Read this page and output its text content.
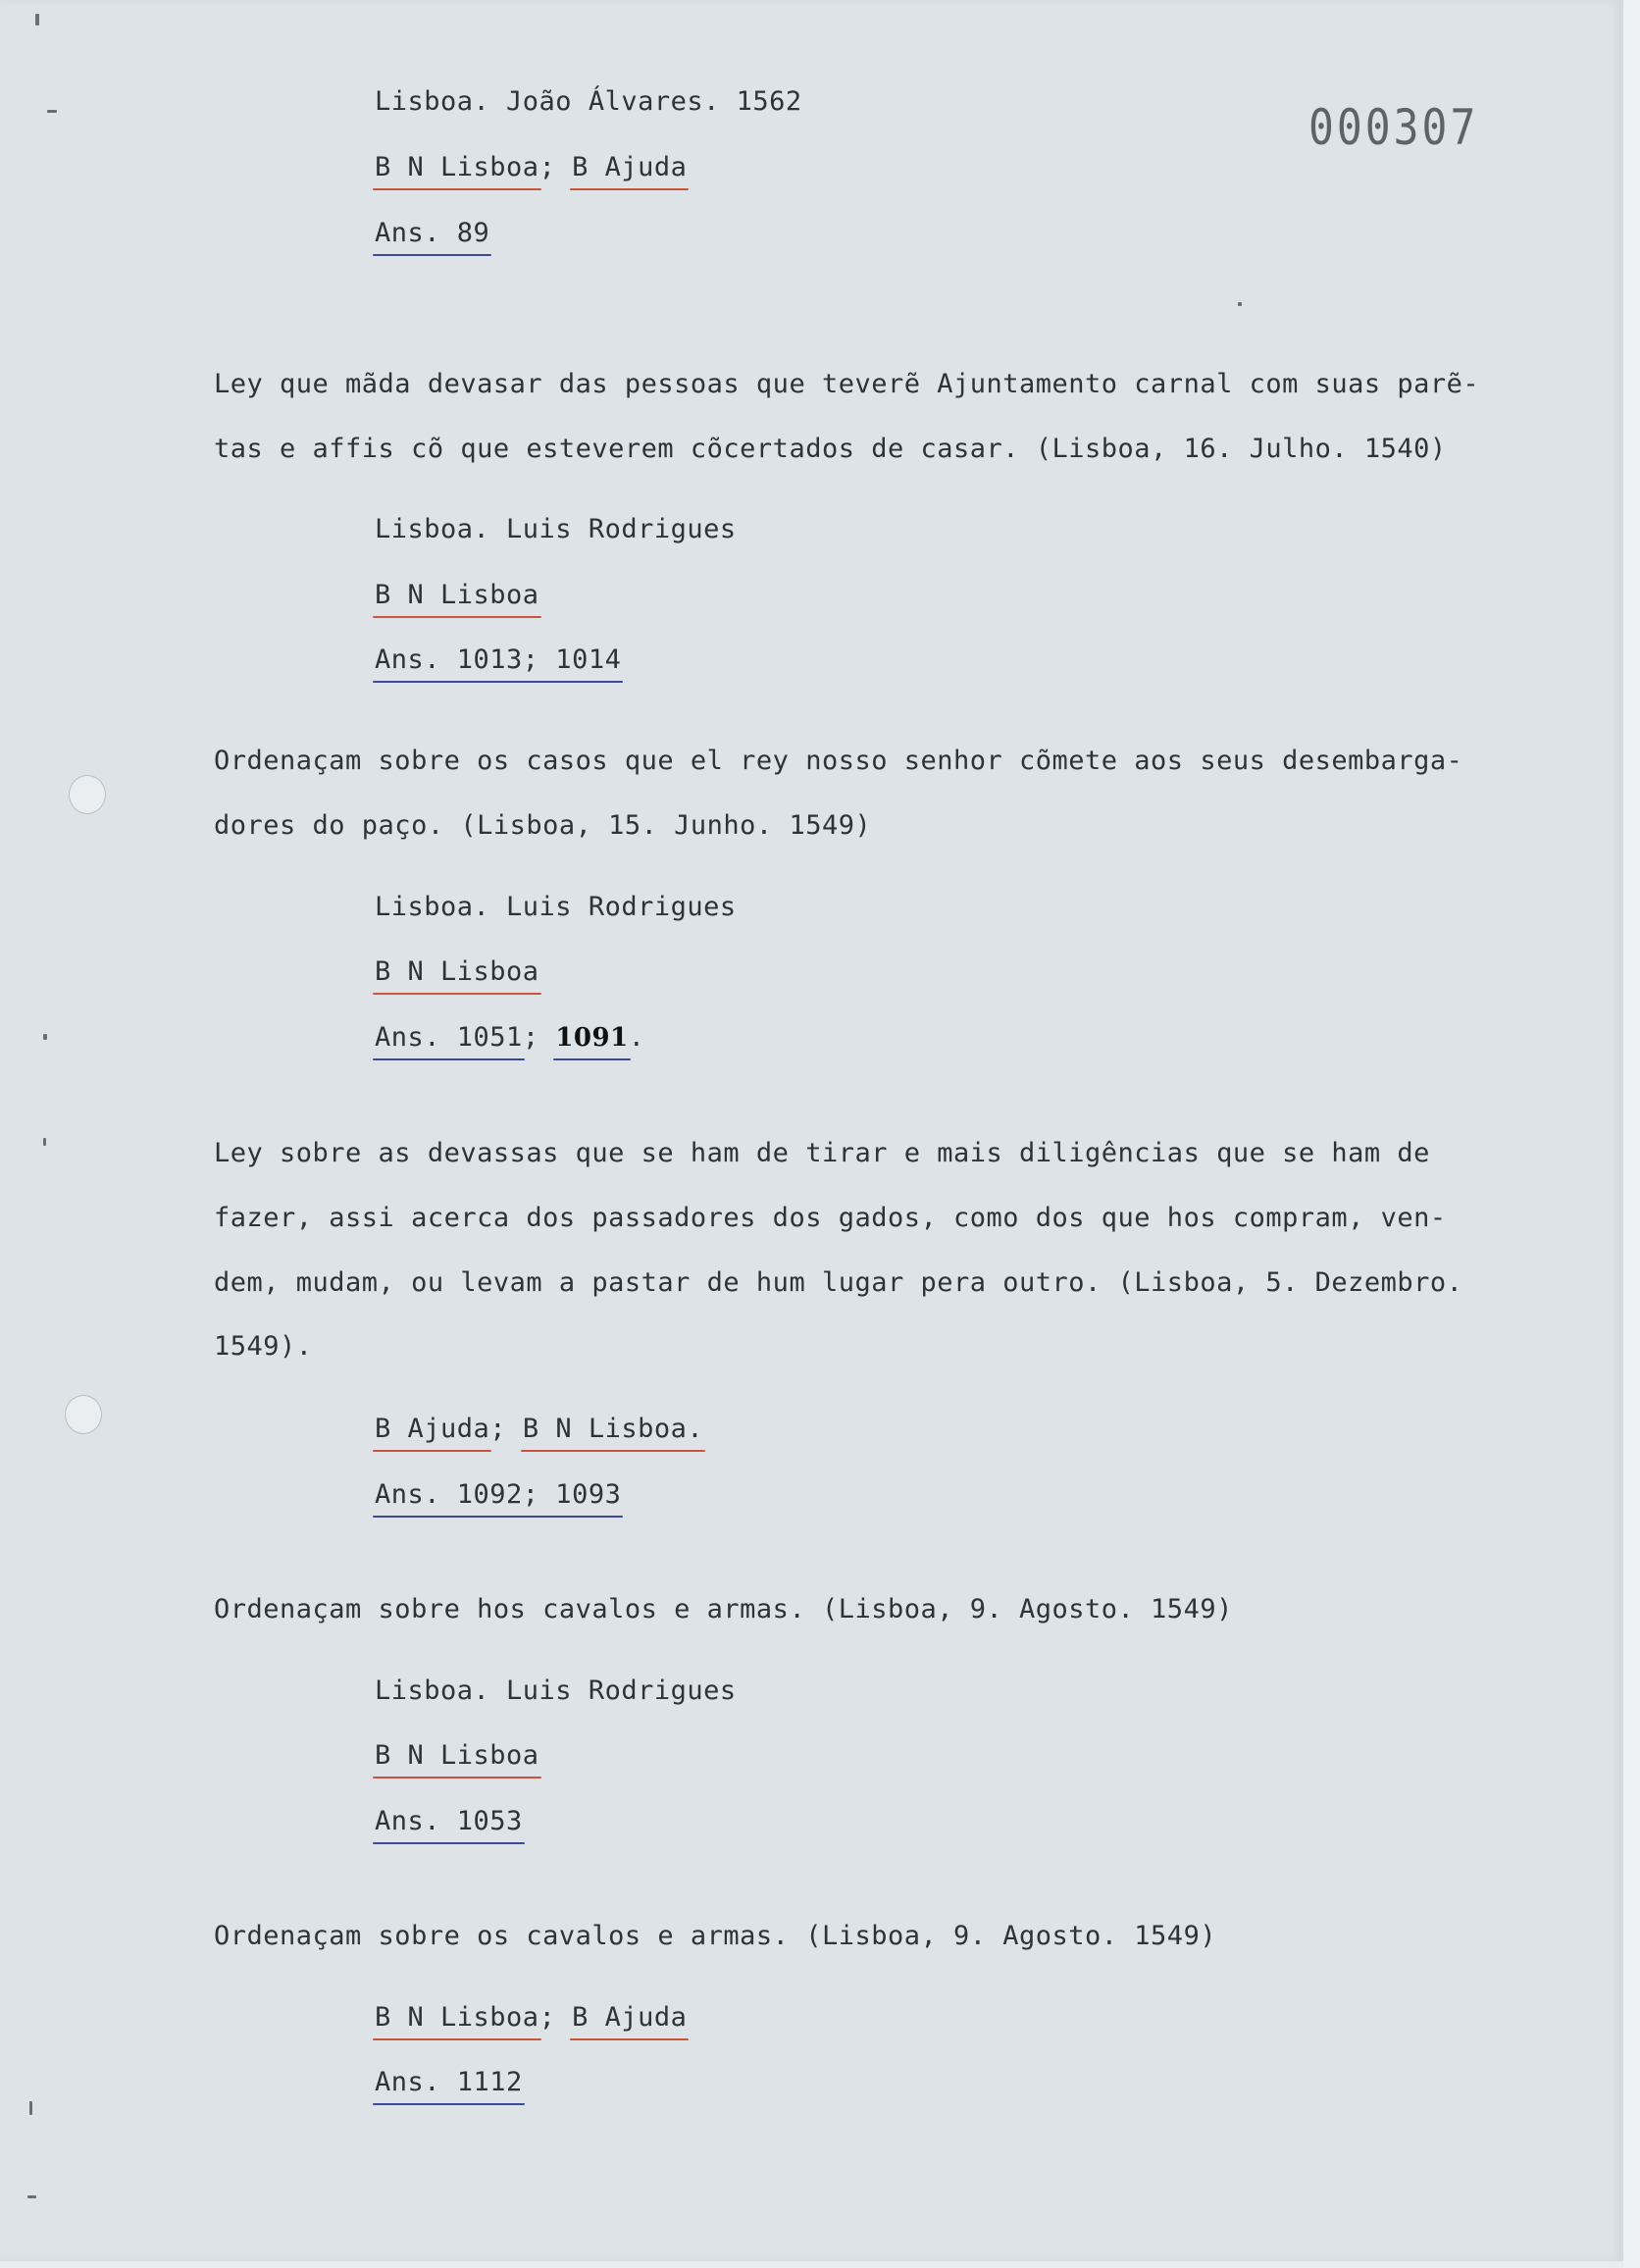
000307

Lisboa. João Álvares. 1562

B N Lisboa; B Ajuda

Ans. 89

Ley que mãda devasar das pessoas que teverẽ Ajuntamento carnal com suas parẽ-

tas e affis cõ que esteverem cõcertados de casar. (Lisboa, 16. Julho. 1540)

Lisboa. Luis Rodrigues

B N Lisboa

Ans. 1013; 1014

Ordenaçam sobre os casos que el rey nosso senhor cõmete aos seus desembarga-

dores do paço. (Lisboa, 15. Junho. 1549)

Lisboa. Luis Rodrigues

B N Lisboa

Ans. 1051; 1091.

Ley sobre as devassas que se ham de tirar e mais diligências que se ham de

fazer, assi acerca dos passadores dos gados, como dos que hos compram, ven-

dem, mudam, ou levam a pastar de hum lugar pera outro. (Lisboa, 5. Dezembro.

1549).

B Ajuda; B N Lisboa.

Ans. 1092; 1093

Ordenaçam sobre hos cavalos e armas. (Lisboa, 9. Agosto. 1549)

Lisboa. Luis Rodrigues

B N Lisboa

Ans. 1053

Ordenaçam sobre os cavalos e armas. (Lisboa, 9. Agosto. 1549)

B N Lisboa; B Ajuda

Ans. 1112
